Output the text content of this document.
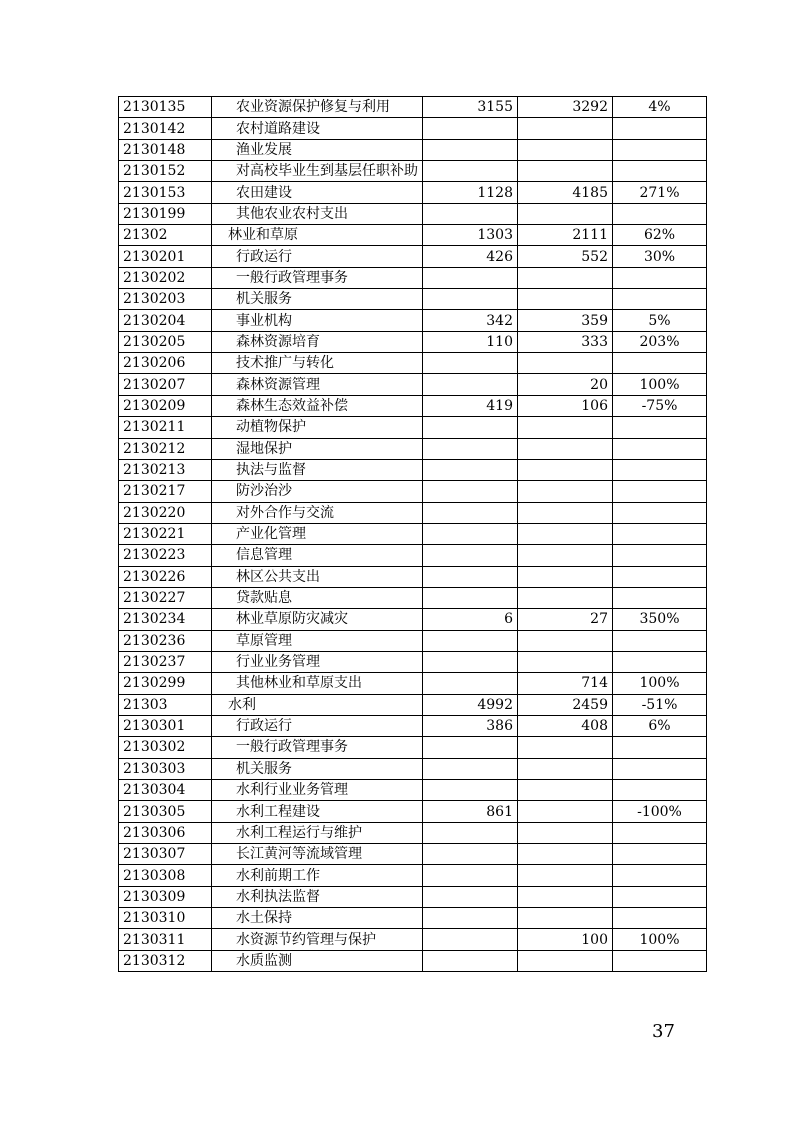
2130135	农业资源保护修复与利用	3155	3292	4%
2130142	农村道路建设			
2130148	渔业发展			
2130152	对高校毕业生到基层任职补助			
2130153	农田建设	1128	4185	271%
2130199	其他农业农村支出			
21302	林业和草原	1303	2111	62%
2130201	行政运行	426	552	30%
2130202	一般行政管理事务			
2130203	机关服务			
2130204	事业机构	342	359	5%
2130205	森林资源培育	110	333	203%
2130206	技术推广与转化			
2130207	森林资源管理		20	100%
2130209	森林生态效益补偿	419	106	-75%
2130211	动植物保护			
2130212	湿地保护			
2130213	执法与监督			
2130217	防沙治沙			
2130220	对外合作与交流			
2130221	产业化管理			
2130223	信息管理			
2130226	林区公共支出			
2130227	贷款贴息			
2130234	林业草原防灾减灾	6	27	350%
2130236	草原管理			
2130237	行业业务管理			
2130299	其他林业和草原支出		714	100%
21303	水利	4992	2459	-51%
2130301	行政运行	386	408	6%
2130302	一般行政管理事务			
2130303	机关服务			
2130304	水利行业业务管理			
2130305	水利工程建设	861		-100%
2130306	水利工程运行与维护			
2130307	长江黄河等流域管理			
2130308	水利前期工作			
2130309	水利执法监督			
2130310	水土保持			
2130311	水资源节约管理与保护		100	100%
2130312	水质监测			
37
